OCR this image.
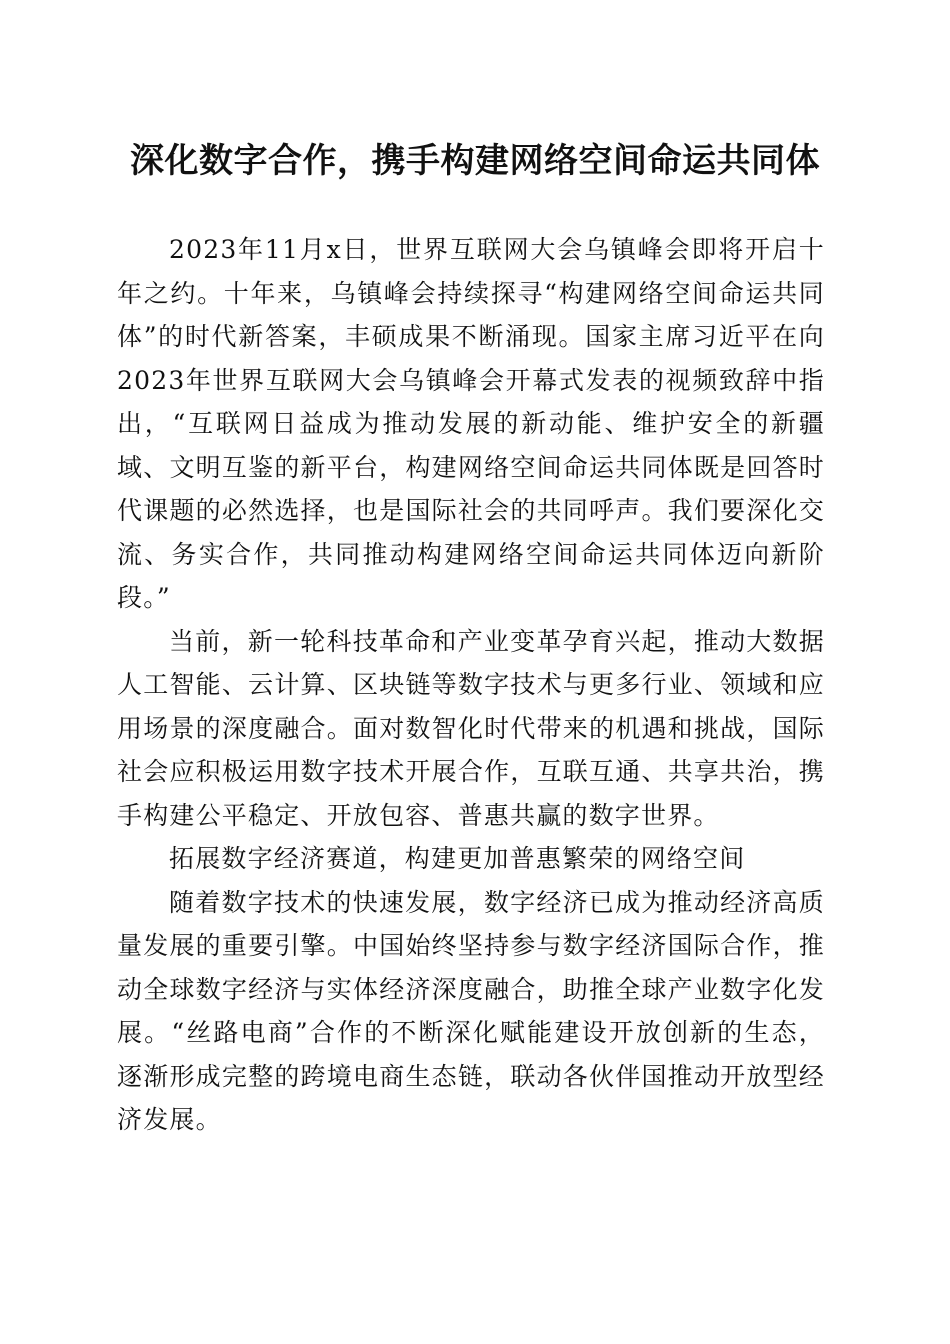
深化数字合作，携手构建网络空间命运共同体

2023年11月x日，世界互联网大会乌镇峰会即将开启十年之约。十年来，乌镇峰会持续探寻“构建网络空间命运共同体”的时代新答案，丰硕成果不断涌现。国家主席习近平在向2023年世界互联网大会乌镇峰会开幕式发表的视频致辞中指出，“互联网日益成为推动发展的新动能、维护安全的新疆域、文明互鉴的新平台，构建网络空间命运共同体既是回答时代课题的必然选择，也是国际社会的共同呼声。我们要深化交流、务实合作，共同推动构建网络空间命运共同体迈向新阶段。”

当前，新一轮科技革命和产业变革孕育兴起，推动大数据人工智能、云计算、区块链等数字技术与更多行业、领域和应用场景的深度融合。面对数智化时代带来的机遇和挑战，国际社会应积极运用数字技术开展合作，互联互通、共享共治，携手构建公平稳定、开放包容、普惠共赢的数字世界。

拓展数字经济赛道，构建更加普惠繁荣的网络空间

随着数字技术的快速发展，数字经济已成为推动经济高质量发展的重要引擎。中国始终坚持参与数字经济国际合作，推动全球数字经济与实体经济深度融合，助推全球产业数字化发展。“丝路电商”合作的不断深化赋能建设开放创新的生态，逐渐形成完整的跨境电商生态链，联动各伙伴国推动开放型经济发展。
